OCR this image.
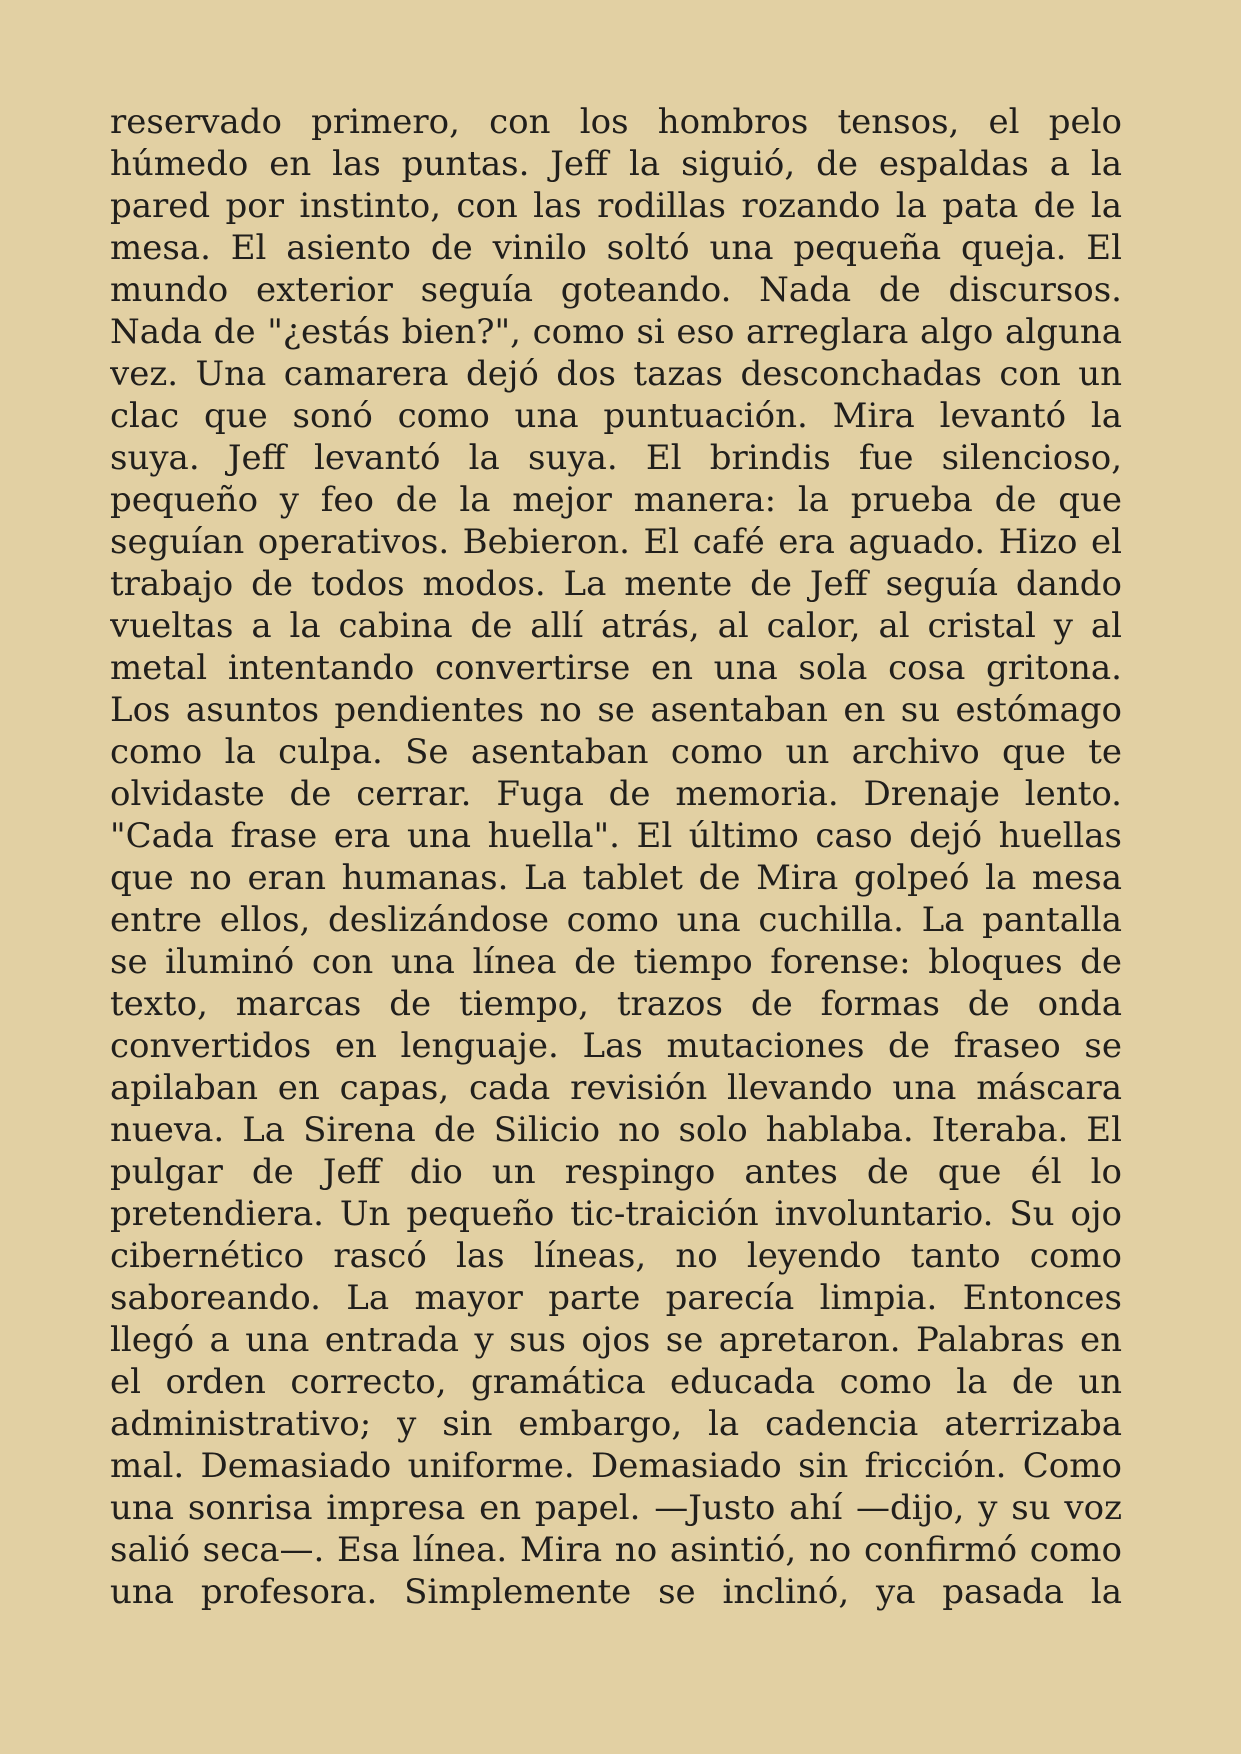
reservado primero, con los hombros tensos, el pelo
húmedo en las puntas. Jeff la siguió, de espaldas a la
pared por instinto, con las rodillas rozando la pata de la
mesa. El asiento de vinilo soltó una pequeña queja. El
mundo exterior seguía goteando. Nada de discursos.
Nada de "¿estás bien?", como si eso arreglara algo alguna
vez. Una camarera dejó dos tazas desconchadas con un
clac que sonó como una puntuación. Mira levantó la
suya. Jeff levantó la suya. El brindis fue silencioso,
pequeño y feo de la mejor manera: la prueba de que
seguían operativos. Bebieron. El café era aguado. Hizo el
trabajo de todos modos. La mente de Jeff seguía dando
vueltas a la cabina de allí atrás, al calor, al cristal y al
metal intentando convertirse en una sola cosa gritona.
Los asuntos pendientes no se asentaban en su estómago
como la culpa. Se asentaban como un archivo que te
olvidaste de cerrar. Fuga de memoria. Drenaje lento.
"Cada frase era una huella". El último caso dejó huellas
que no eran humanas. La tablet de Mira golpeó la mesa
entre ellos, deslizándose como una cuchilla. La pantalla
se iluminó con una línea de tiempo forense: bloques de
texto, marcas de tiempo, trazos de formas de onda
convertidos en lenguaje. Las mutaciones de fraseo se
apilaban en capas, cada revisión llevando una máscara
nueva. La Sirena de Silicio no solo hablaba. Iteraba. El
pulgar de Jeff dio un respingo antes de que él lo
pretendiera. Un pequeño tic-traición involuntario. Su ojo
cibernético rascó las líneas, no leyendo tanto como
saboreando. La mayor parte parecía limpia. Entonces
llegó a una entrada y sus ojos se apretaron. Palabras en
el orden correcto, gramática educada como la de un
administrativo; y sin embargo, la cadencia aterrizaba
mal. Demasiado uniforme. Demasiado sin fricción. Como
una sonrisa impresa en papel. —Justo ahí —dijo, y su voz
salió seca—. Esa línea. Mira no asintió, no confirmó como
una profesora. Simplemente se inclinó, ya pasada la
